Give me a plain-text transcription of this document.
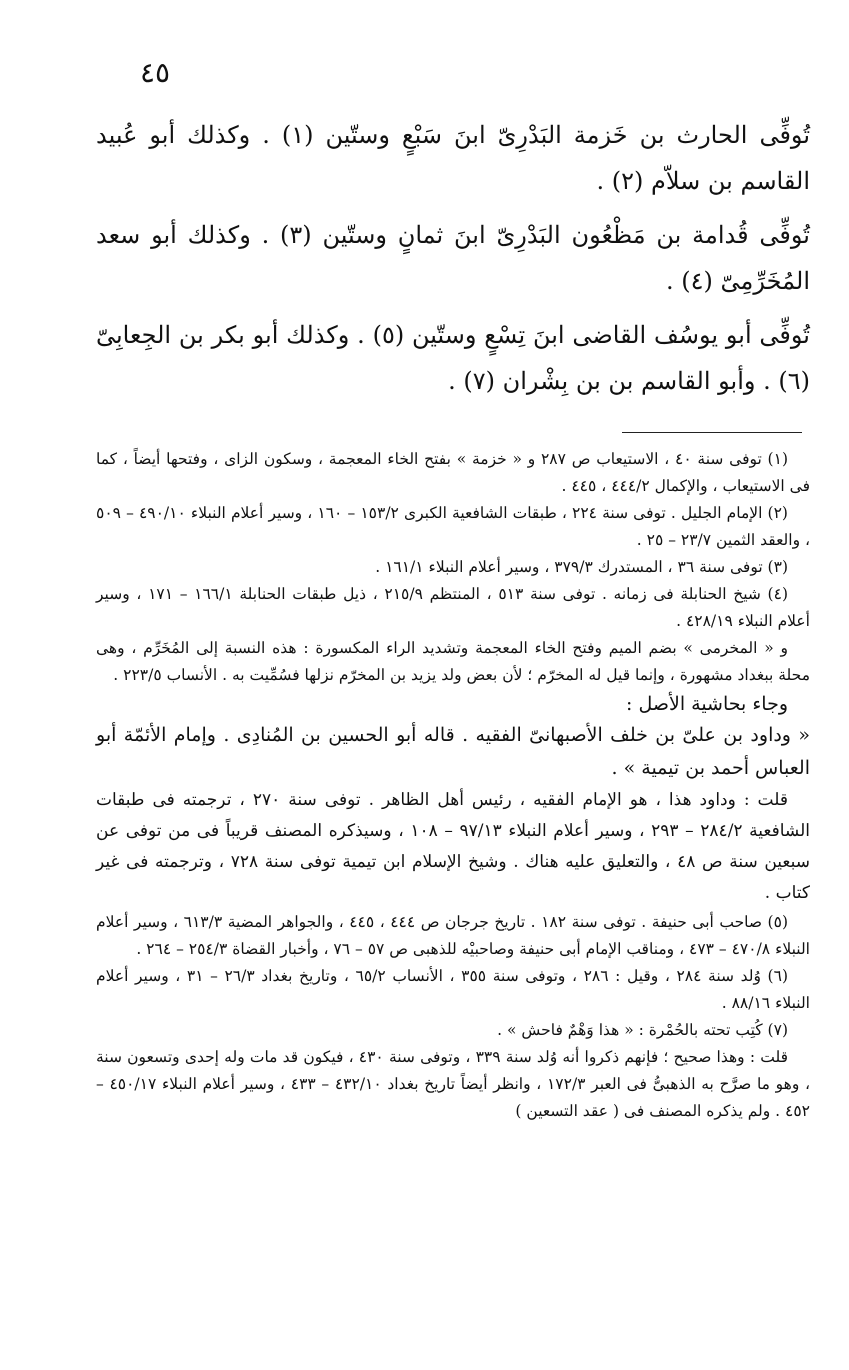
٤٥

تُوفِّى الحارث بن خَزمة البَدْرِىّ ابنَ سَبْعٍ وستّين (١) . وكذلك أبو عُبيد القاسم بن سلاّم (٢) .

تُوفِّى قُدامة بن مَظْعُون البَدْرِىّ ابنَ ثمانٍ وستّين (٣) . وكذلك أبو سعد المُخَرِّمِىّ (٤) .

تُوفِّى أبو يوسُف القاضى ابنَ تِسْعٍ وستّين (٥) . وكذلك أبو بكر بن الجِعابِىّ (٦) . وأبو القاسم بن بن بِشْران (٧) .

(١) توفى سنة ٤٠ ، الاستيعاب ص ٢٨٧ و « خزمة » بفتح الخاء المعجمة ، وسكون الزاى ، وفتحها أيضاً ، كما فى الاستيعاب ، والإكمال ٤٤٤/٢ ، ٤٤٥ .

(٢) الإمام الجليل . توفى سنة ٢٢٤ ، طبقات الشافعية الكبرى ١٥٣/٢ – ١٦٠ ، وسير أعلام النبلاء ٤٩٠/١٠ – ٥٠٩ ، والعقد الثمين ٢٣/٧ – ٢٥ .

(٣) توفى سنة ٣٦ ، المستدرك ٣٧٩/٣ ، وسير أعلام النبلاء ١٦١/١ .

(٤) شيخ الحنابلة فى زمانه . توفى سنة ٥١٣ ، المنتظم ٢١٥/٩ ، ذيل طبقات الحنابلة ١٦٦/١ – ١٧١ ، وسير أعلام النبلاء ٤٢٨/١٩ .

و « المخرمى » بضم الميم وفتح الخاء المعجمة وتشديد الراء المكسورة : هذه النسبة إلى المُخَرِّم ، وهى محلة ببغداد مشهورة ، وإنما قيل له المخرّم ؛ لأن بعض ولد يزيد بن المخرّم نزلها فسُمِّيت به . الأنساب ٢٢٣/٥ .

وجاء بحاشية الأصل :

« وداود بن علىّ بن خلف الأصبهانىّ الفقيه . قاله أبو الحسين بن المُنادِى . وإمام الأئمّة أبو العباس أحمد بن تيمية » .

قلت : وداود هذا ، هو الإمام الفقيه ، رئيس أهل الظاهر . توفى سنة ٢٧٠ ، ترجمته فى طبقات الشافعية ٢٨٤/٢ – ٢٩٣ ، وسير أعلام النبلاء ٩٧/١٣ – ١٠٨ ، وسيذكره المصنف قريباً فى من توفى عن سبعين سنة ص ٤٨ ، والتعليق عليه هناك . وشيخ الإسلام ابن تيمية توفى سنة ٧٢٨ ، وترجمته فى غير كتاب .

(٥) صاحب أبى حنيفة . توفى سنة ١٨٢ . تاريخ جرجان ص ٤٤٤ ، ٤٤٥ ، والجواهر المضية ٦١٣/٣ ، وسير أعلام النبلاء ٤٧٠/٨ – ٤٧٣ ، ومناقب الإمام أبى حنيفة وصاحبيْه للذهبى ص ٥٧ – ٧٦ ، وأخبار القضاة ٢٥٤/٣ – ٢٦٤ .

(٦) وُلد سنة ٢٨٤ ، وقيل : ٢٨٦ ، وتوفى سنة ٣٥٥ ، الأنساب ٦٥/٢ ، وتاريخ بغداد ٢٦/٣ – ٣١ ، وسير أعلام النبلاء ٨٨/١٦ .

(٧) كُتِب تحته بالحُمْرة : « هذا وَهْمٌ فاحش » .

قلت : وهذا صحيح ؛ فإنهم ذكروا أنه وُلد سنة ٣٣٩ ، وتوفى سنة ٤٣٠ ، فيكون قد مات وله إحدى وتسعون سنة ، وهو ما صرَّح به الذهبىُّ فى العبر ١٧٢/٣ ، وانظر أيضاً تاريخ بغداد ٤٣٢/١٠ – ٤٣٣ ، وسير أعلام النبلاء ٤٥٠/١٧ – ٤٥٢ . ولم يذكره المصنف فى ( عقد التسعين )
